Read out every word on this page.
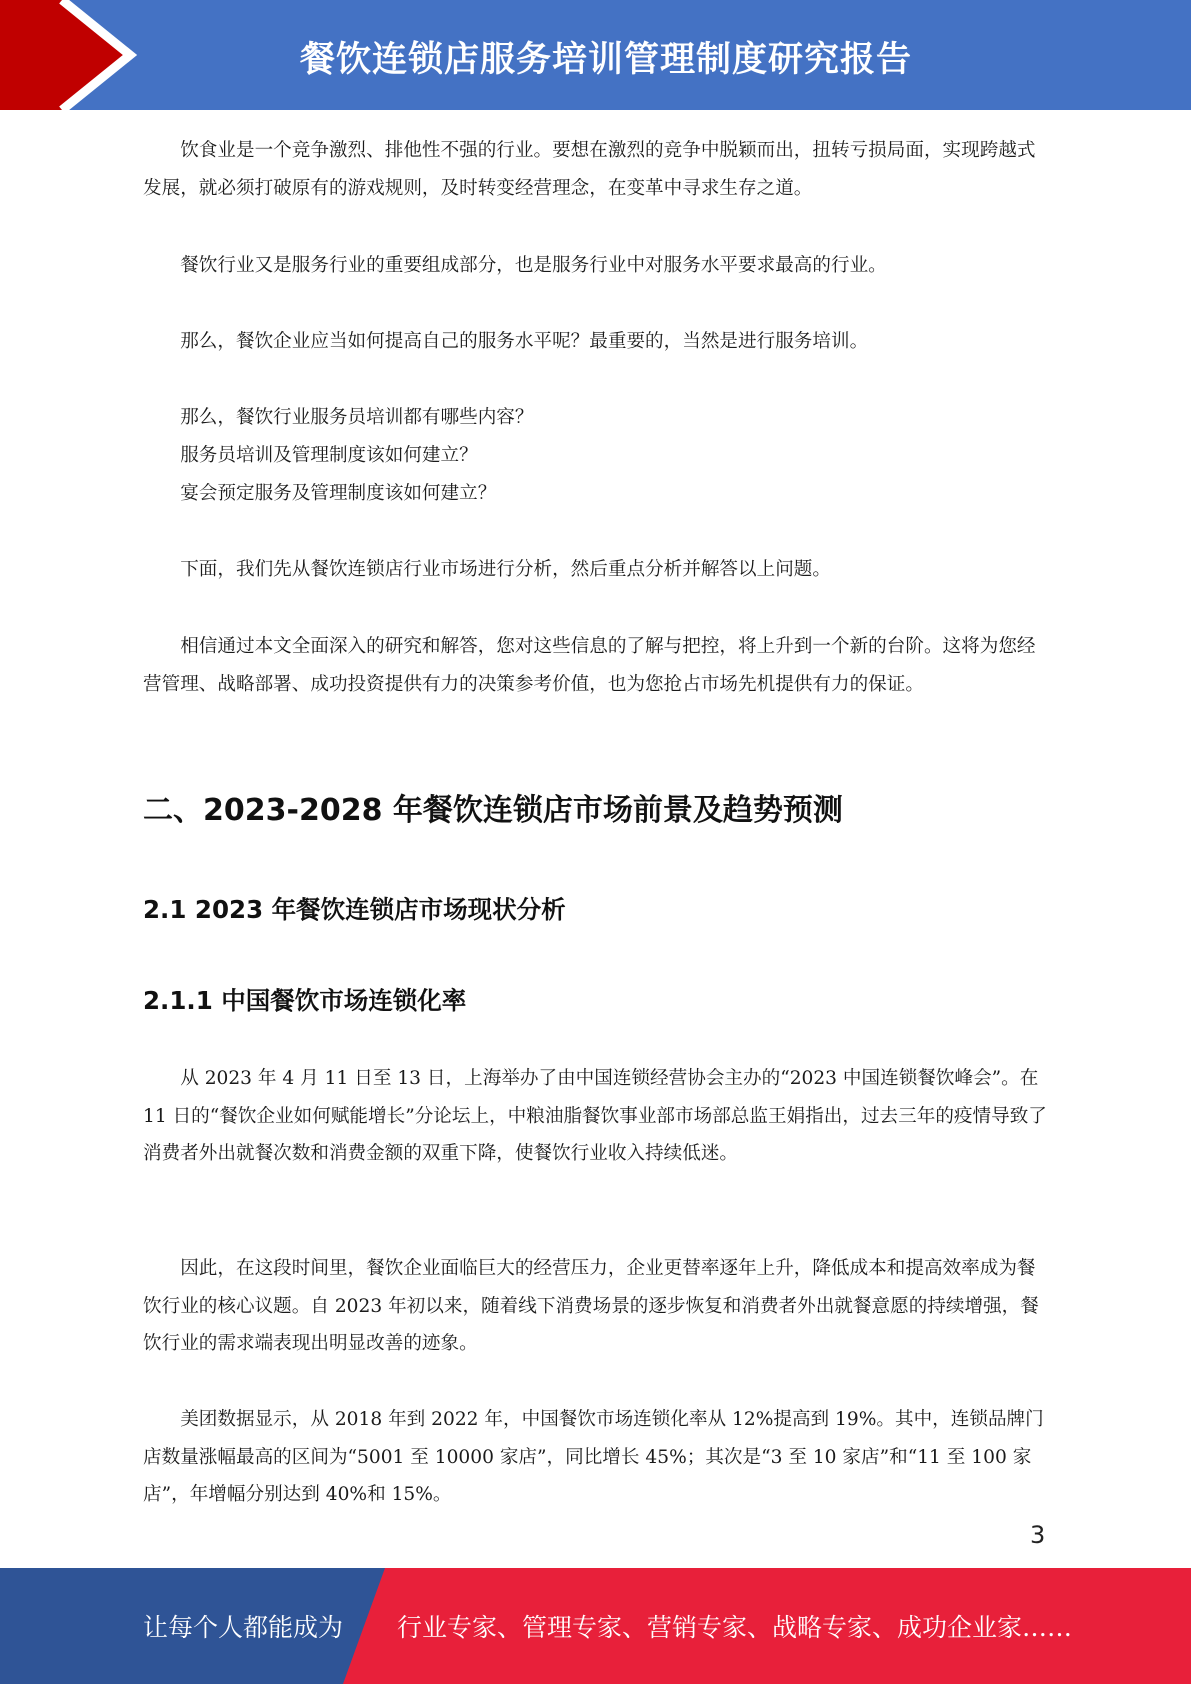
餐饮连锁店服务培训管理制度研究报告

饮食业是一个竞争激烈、排他性不强的行业。要想在激烈的竞争中脱颖而出，扭转亏损局面，实现跨越式发展，就必须打破原有的游戏规则，及时转变经营理念，在变革中寻求生存之道。

餐饮行业又是服务行业的重要组成部分，也是服务行业中对服务水平要求最高的行业。

那么，餐饮企业应当如何提高自己的服务水平呢？最重要的，当然是进行服务培训。

那么，餐饮行业服务员培训都有哪些内容？

服务员培训及管理制度该如何建立？

宴会预定服务及管理制度该如何建立？

下面，我们先从餐饮连锁店行业市场进行分析，然后重点分析并解答以上问题。

相信通过本文全面深入的研究和解答，您对这些信息的了解与把控，将上升到一个新的台阶。这将为您经营管理、战略部署、成功投资提供有力的决策参考价值，也为您抢占市场先机提供有力的保证。

二、2023-2028 年餐饮连锁店市场前景及趋势预测
2.1 2023 年餐饮连锁店市场现状分析
2.1.1 中国餐饮市场连锁化率

从 2023 年 4 月 11 日至 13 日，上海举办了由中国连锁经营协会主办的“2023 中国连锁餐饮峰会”。在 11 日的“餐饮企业如何赋能增长”分论坛上，中粮油脂餐饮事业部市场部总监王娟指出，过去三年的疫情导致了消费者外出就餐次数和消费金额的双重下降，使餐饮行业收入持续低迷。

因此，在这段时间里，餐饮企业面临巨大的经营压力，企业更替率逐年上升，降低成本和提高效率成为餐饮行业的核心议题。自 2023 年初以来，随着线下消费场景的逐步恢复和消费者外出就餐意愿的持续增强，餐饮行业的需求端表现出明显改善的迹象。

美团数据显示，从 2018 年到 2022 年，中国餐饮市场连锁化率从 12%提高到 19%。其中，连锁品牌门店数量涨幅最高的区间为“5001 至 10000 家店”，同比增长 45%；其次是“3 至 10 家店”和“11 至 100 家店”，年增幅分别达到 40%和 15%。

3
让每个人都能成为 行业专家、管理专家、营销专家、战略专家、成功企业家……
